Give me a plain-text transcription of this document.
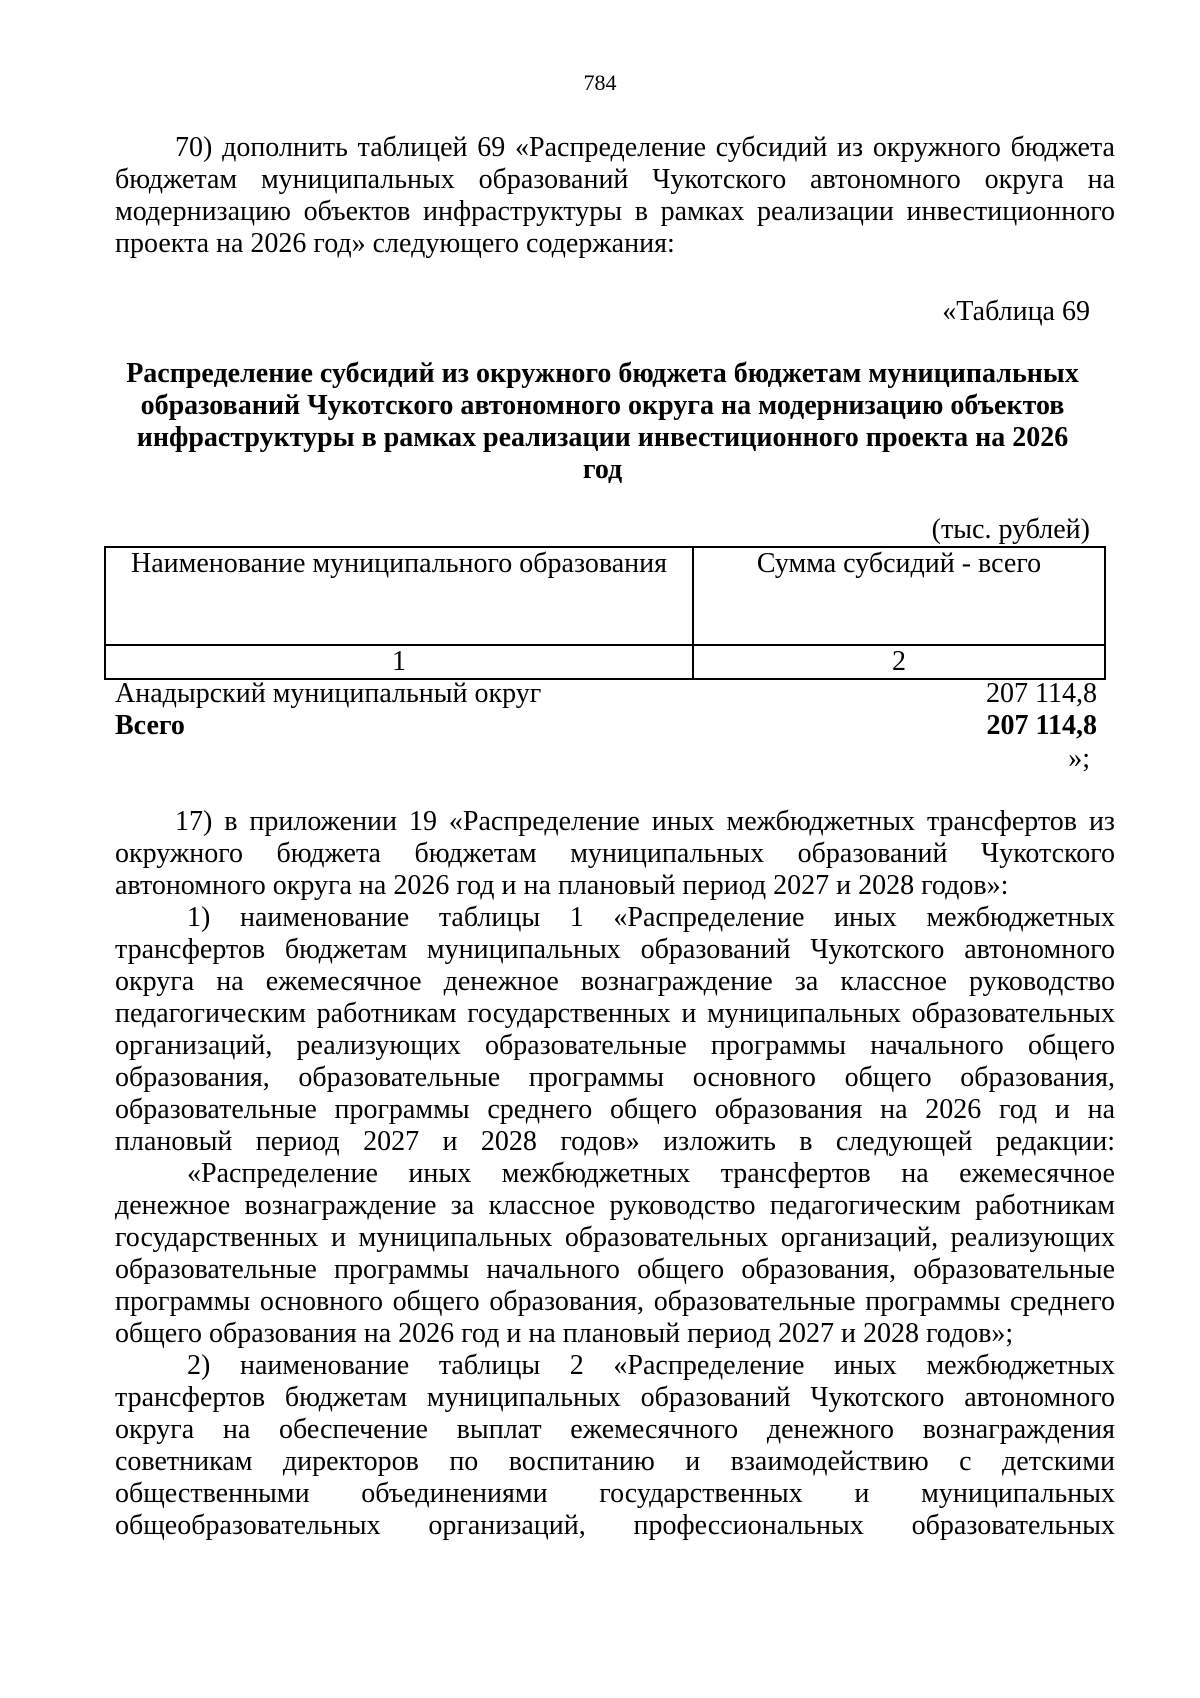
784
70) дополнить таблицей 69 «Распределение субсидий из окружного бюджета
бюджетам муниципальных образований Чукотского автономного округа на
модернизацию объектов инфраструктуры в рамках реализации инвестиционного
проекта на 2026 год» следующего содержания:
«Таблица 69
Распределение субсидий из окружного бюджета бюджетам муниципальных
образований Чукотского автономного округа на модернизацию объектов
инфраструктуры в рамках реализации инвестиционного проекта на 2026
год
(тыс. рублей)
Наименование муниципального образования	Сумма субсидий - всего
1	2
Анадырский муниципальный округ	207 114,8
Всего	207 114,8
»;
17) в приложении 19 «Распределение иных межбюджетных трансфертов из
окружного бюджета бюджетам муниципальных образований Чукотского
автономного округа на 2026 год и на плановый период 2027 и 2028 годов»:
1) наименование таблицы 1 «Распределение иных межбюджетных
трансфертов бюджетам муниципальных образований Чукотского автономного
округа на ежемесячное денежное вознаграждение за классное руководство
педагогическим работникам государственных и муниципальных образовательных
организаций, реализующих образовательные программы начального общего
образования, образовательные программы основного общего образования,
образовательные программы среднего общего образования на 2026 год и на
плановый период 2027 и 2028 годов» изложить в следующей редакции:
«Распределение иных межбюджетных трансфертов на ежемесячное
денежное вознаграждение за классное руководство педагогическим работникам
государственных и муниципальных образовательных организаций, реализующих
образовательные программы начального общего образования, образовательные
программы основного общего образования, образовательные программы среднего
общего образования на 2026 год и на плановый период 2027 и 2028 годов»;
2) наименование таблицы 2 «Распределение иных межбюджетных
трансфертов бюджетам муниципальных образований Чукотского автономного
округа на обеспечение выплат ежемесячного денежного вознаграждения
советникам директоров по воспитанию и взаимодействию с детскими
общественными объединениями государственных и муниципальных
общеобразовательных организаций, профессиональных образовательных
